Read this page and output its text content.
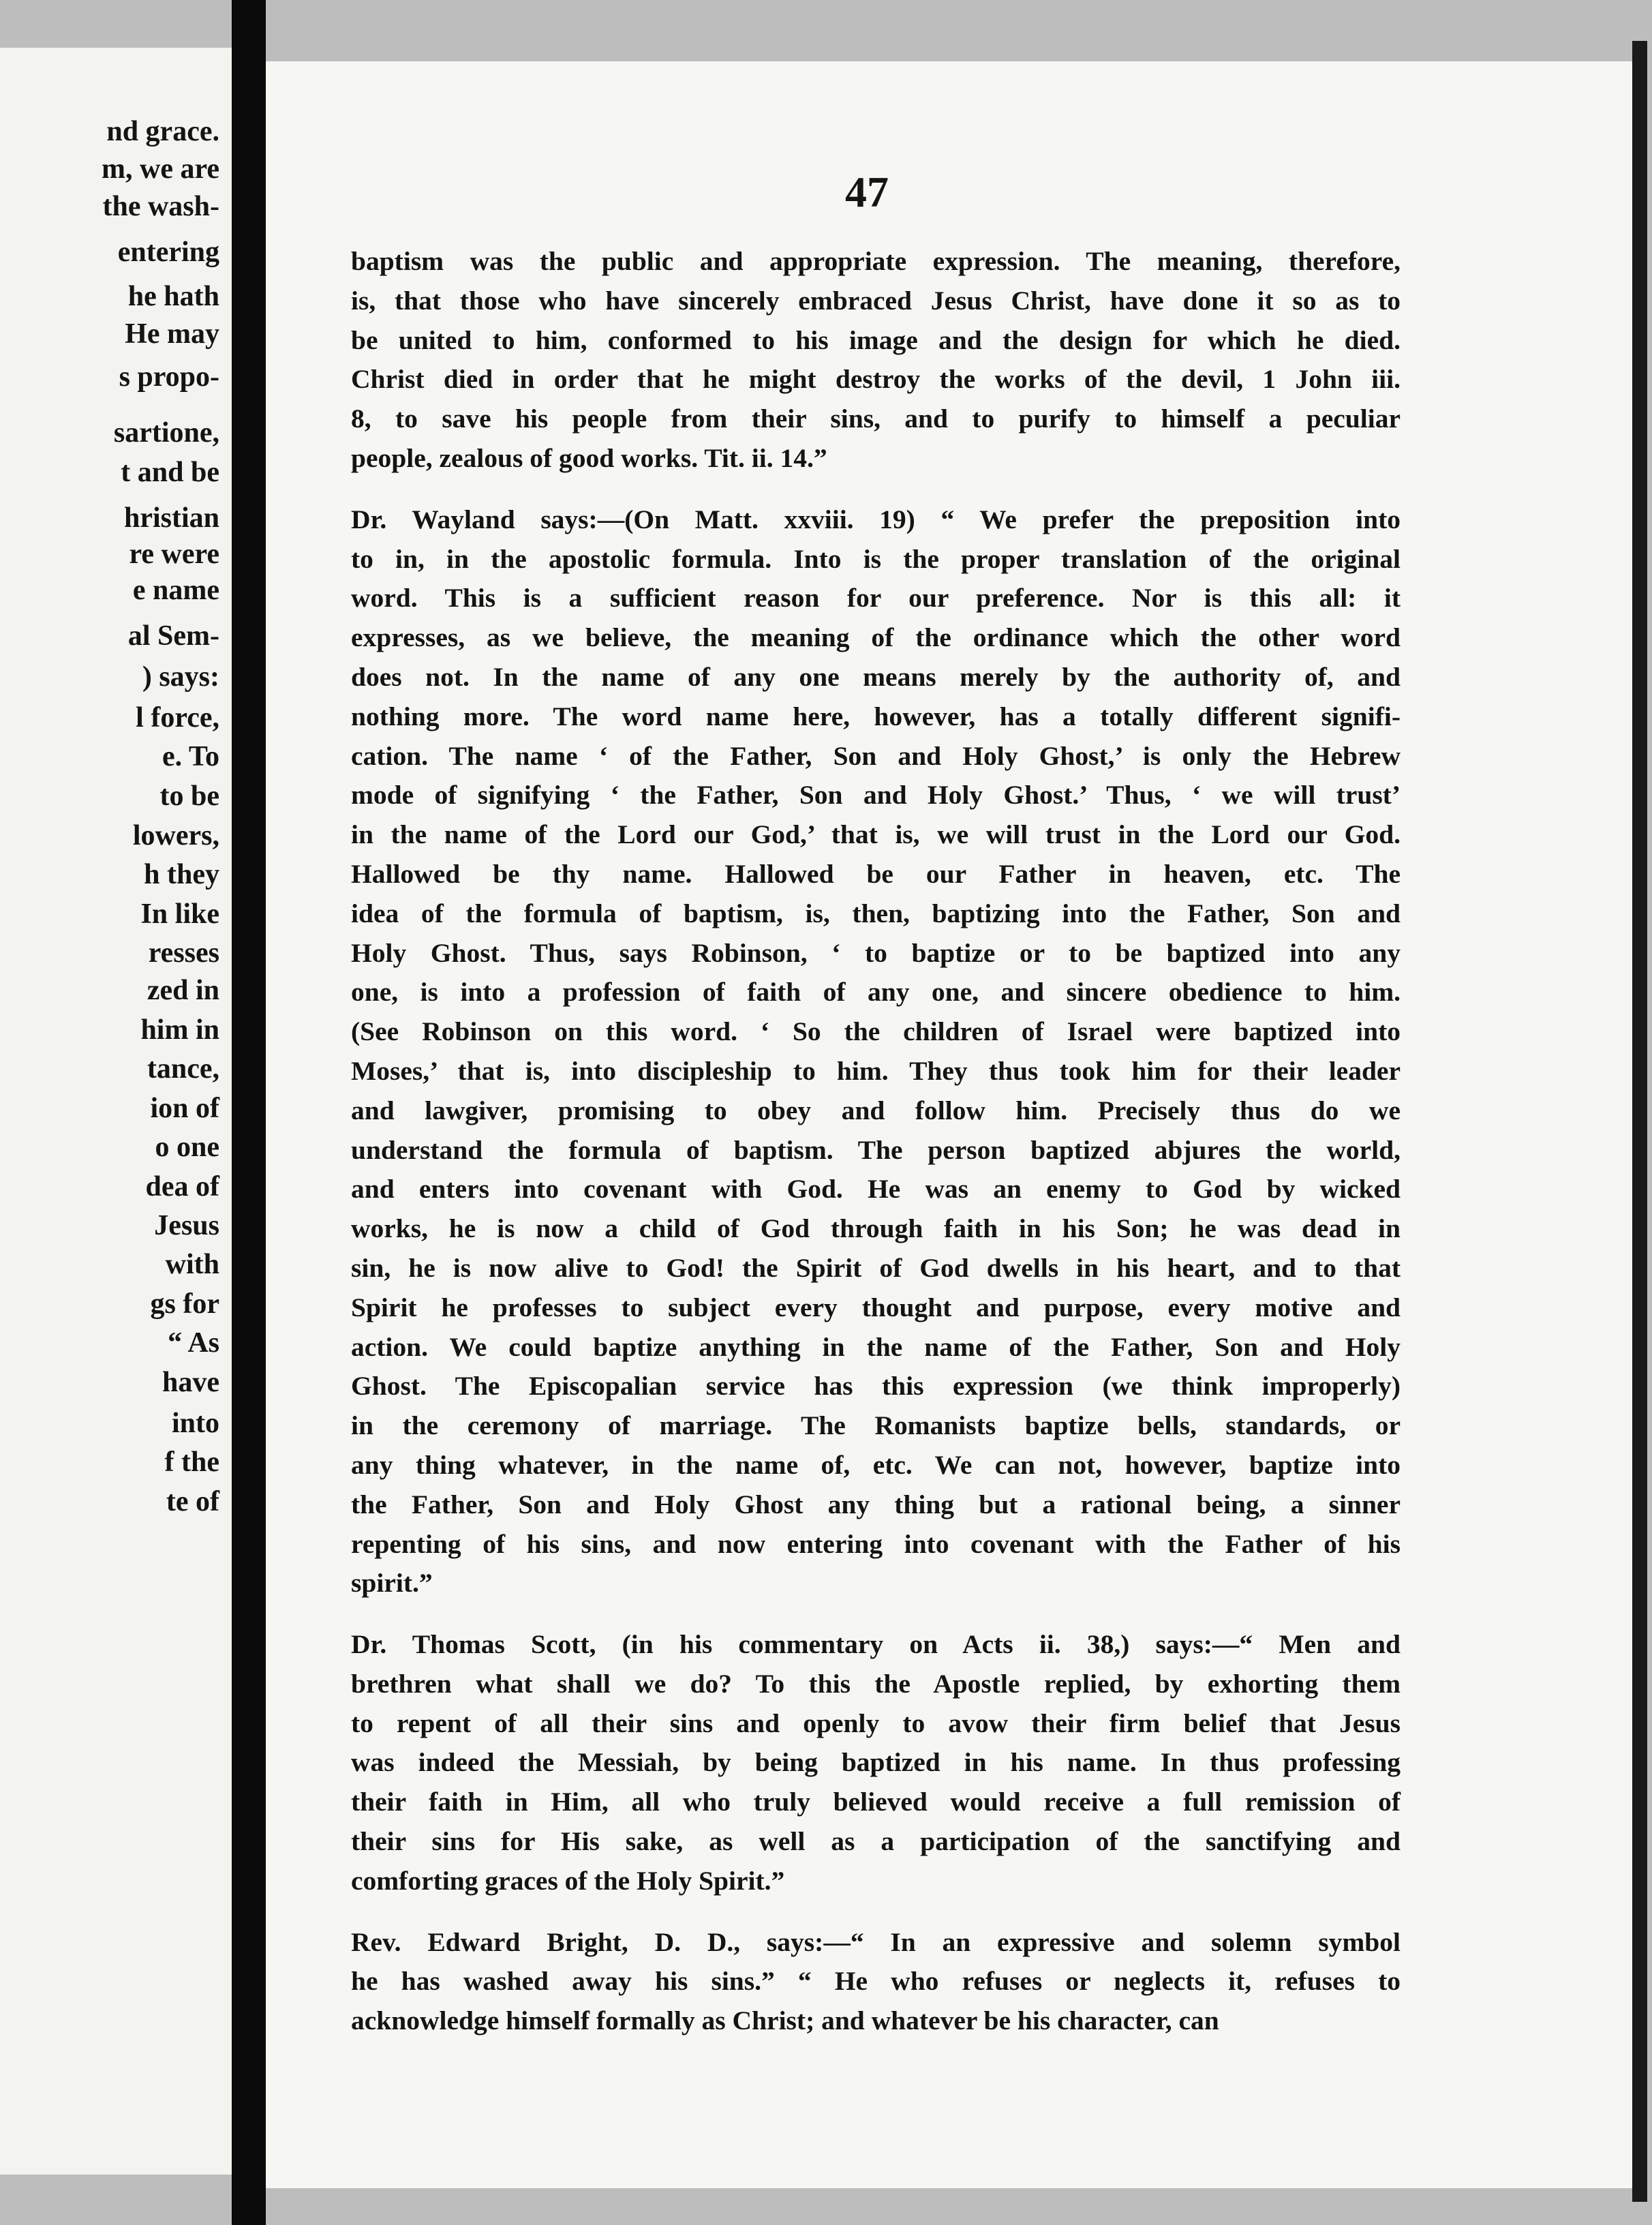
nd grace.
m, we are
the wash-
entering
he hath
He may
s propo-
sartione,
t and be
hristian
re were
e name
al Sem-
) says:
l force,
e. To
to be
lowers,
h they
In like
resses
zed in
him in
tance,
ion of
o one
dea of
Jesus
with
gs for
“ As
have
into
f the
te of
47
baptism was the public and appropriate expression. The meaning, therefore,
is, that those who have sincerely embraced Jesus Christ, have done it so as to
be united to him, conformed to his image and the design for which he died.
Christ died in order that he might destroy the works of the devil, 1 John iii.
8, to save his people from their sins, and to purify to himself a peculiar
people, zealous of good works. Tit. ii. 14.”
Dr. Wayland says:—(On Matt. xxviii. 19) “ We prefer the preposition into
to in, in the apostolic formula. Into is the proper translation of the original
word. This is a sufficient reason for our preference. Nor is this all: it
expresses, as we believe, the meaning of the ordinance which the other word
does not. In the name of any one means merely by the authority of, and
nothing more. The word name here, however, has a totally different signifi-
cation. The name ‘ of the Father, Son and Holy Ghost,’ is only the Hebrew
mode of signifying ‘ the Father, Son and Holy Ghost.’ Thus, ‘ we will trust’
in the name of the Lord our God,’ that is, we will trust in the Lord our God.
Hallowed be thy name. Hallowed be our Father in heaven, etc. The
idea of the formula of baptism, is, then, baptizing into the Father, Son and
Holy Ghost. Thus, says Robinson, ‘ to baptize or to be baptized into any
one, is into a profession of faith of any one, and sincere obedience to him.
(See Robinson on this word. ‘ So the children of Israel were baptized into
Moses,’ that is, into discipleship to him. They thus took him for their leader
and lawgiver, promising to obey and follow him. Precisely thus do we
understand the formula of baptism. The person baptized abjures the world,
and enters into covenant with God. He was an enemy to God by wicked
works, he is now a child of God through faith in his Son; he was dead in
sin, he is now alive to God! the Spirit of God dwells in his heart, and to that
Spirit he professes to subject every thought and purpose, every motive and
action. We could baptize anything in the name of the Father, Son and Holy
Ghost. The Episcopalian service has this expression (we think improperly)
in the ceremony of marriage. The Romanists baptize bells, standards, or
any thing whatever, in the name of, etc. We can not, however, baptize into
the Father, Son and Holy Ghost any thing but a rational being, a sinner
repenting of his sins, and now entering into covenant with the Father of his
spirit.”
Dr. Thomas Scott, (in his commentary on Acts ii. 38,) says:—“ Men and
brethren what shall we do? To this the Apostle replied, by exhorting them
to repent of all their sins and openly to avow their firm belief that Jesus
was indeed the Messiah, by being baptized in his name. In thus professing
their faith in Him, all who truly believed would receive a full remission of
their sins for His sake, as well as a participation of the sanctifying and
comforting graces of the Holy Spirit.”
Rev. Edward Bright, D. D., says:—“ In an expressive and solemn symbol
he has washed away his sins.” “ He who refuses or neglects it, refuses to
acknowledge himself formally as Christ; and whatever be his character, can
